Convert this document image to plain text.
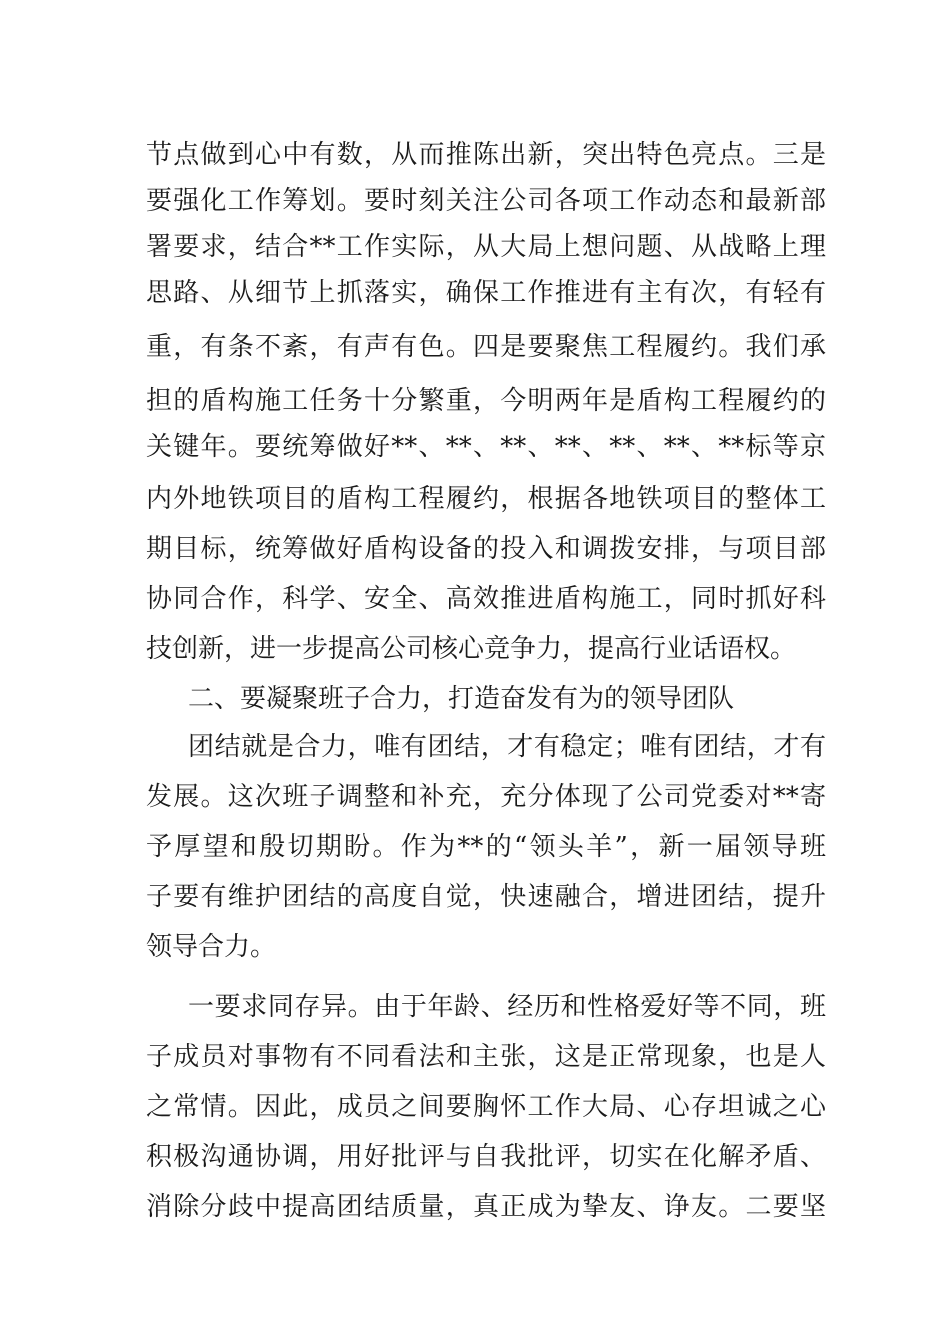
节点做到心中有数，从而推陈出新，突出特色亮点。三是
要强化工作筹划。要时刻关注公司各项工作动态和最新部
署要求，结合**工作实际，从大局上想问题、从战略上理
思路、从细节上抓落实，确保工作推进有主有次，有轻有
重，有条不紊，有声有色。四是要聚焦工程履约。我们承
担的盾构施工任务十分繁重，今明两年是盾构工程履约的
关键年。要统筹做好**、**、**、**、**、**、**标等京
内外地铁项目的盾构工程履约，根据各地铁项目的整体工
期目标，统筹做好盾构设备的投入和调拨安排，与项目部
协同合作，科学、安全、高效推进盾构施工，同时抓好科
技创新，进一步提高公司核心竞争力，提高行业话语权。
二、要凝聚班子合力，打造奋发有为的领导团队
团结就是合力，唯有团结，才有稳定；唯有团结，才有
发展。这次班子调整和补充，充分体现了公司党委对**寄
予厚望和殷切期盼。作为**的“领头羊”，新一届领导班
子要有维护团结的高度自觉，快速融合，增进团结，提升
领导合力。
一要求同存异。由于年龄、经历和性格爱好等不同，班
子成员对事物有不同看法和主张，这是正常现象，也是人
之常情。因此，成员之间要胸怀工作大局、心存坦诚之心
积极沟通协调，用好批评与自我批评，切实在化解矛盾、
消除分歧中提高团结质量，真正成为挚友、诤友。二要坚
